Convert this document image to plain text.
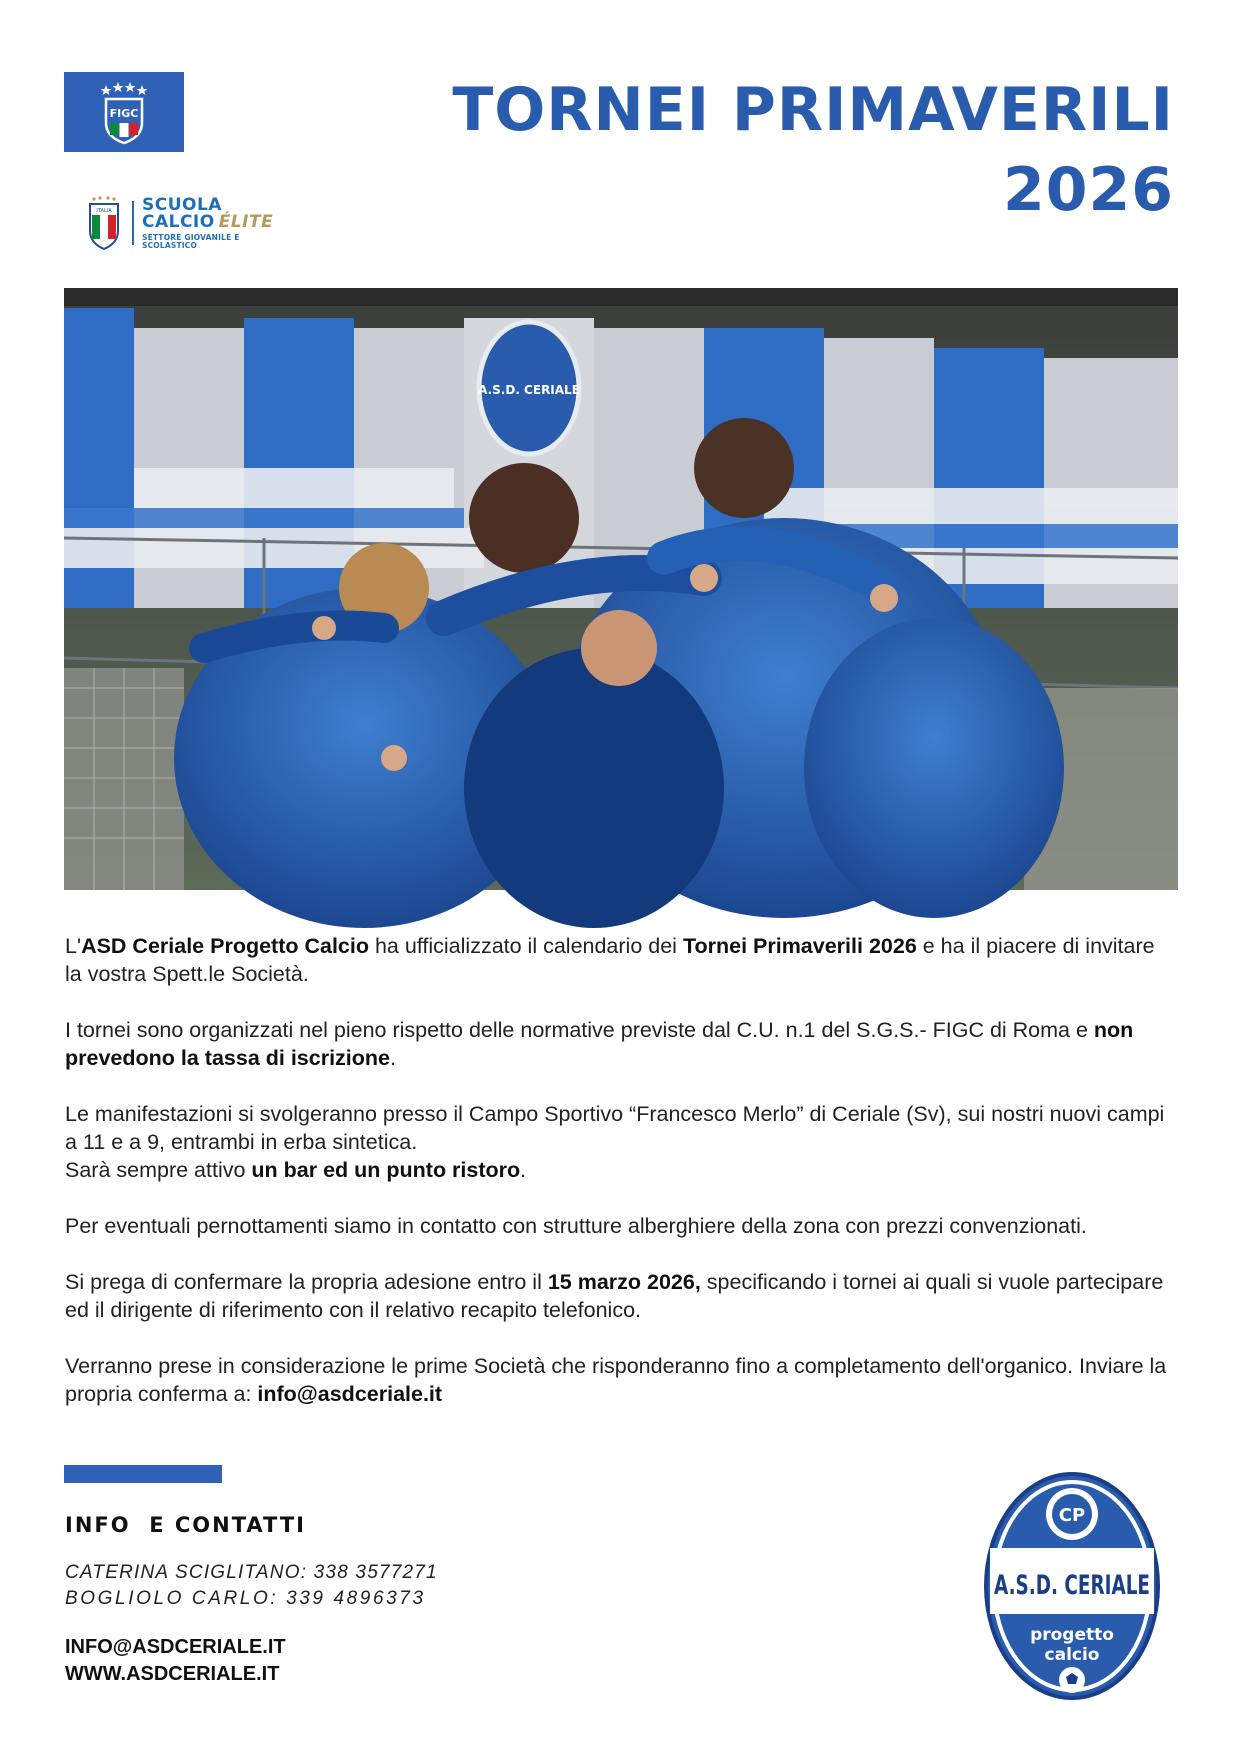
FIGC
ITALIA SCUOLA
CALCIO ÉLITE
SETTORE GIOVANILE E SCOLASTICO
TORNEI PRIMAVERILI
2026
A.S.D. CERIALE

L'ASD Ceriale Progetto Calcio ha ufficializzato il calendario dei Tornei Primaverili 2026 e ha il piacere di invitare la vostra Spett.le Società.

I tornei sono organizzati nel pieno rispetto delle normative previste dal C.U. n.1 del S.G.S.- FIGC di Roma e non prevedono la tassa di iscrizione.

Le manifestazioni si svolgeranno presso il Campo Sportivo “Francesco Merlo” di Ceriale (Sv), sui nostri nuovi campi a 11 e a 9, entrambi in erba sintetica.
Sarà sempre attivo un bar ed un punto ristoro.

Per eventuali pernottamenti siamo in contatto con strutture alberghiere della zona con prezzi convenzionati.

Si prega di confermare la propria adesione entro il 15 marzo 2026, specificando i tornei ai quali si vuole partecipare ed il dirigente di riferimento con il relativo recapito telefonico.

Verranno prese in considerazione le prime Società che risponderanno fino a completamento dell'organico. Inviare la propria conferma a: info@asdceriale.it

INFO  E CONTATTI
CATERINA SCIGLITANO: 338 3577271
BOGLIOLO CARLO: 339 4896373
INFO@ASDCERIALE.IT
WWW.ASDCERIALE.IT
CP
A.S.D. CERIALE
progetto
calcio
